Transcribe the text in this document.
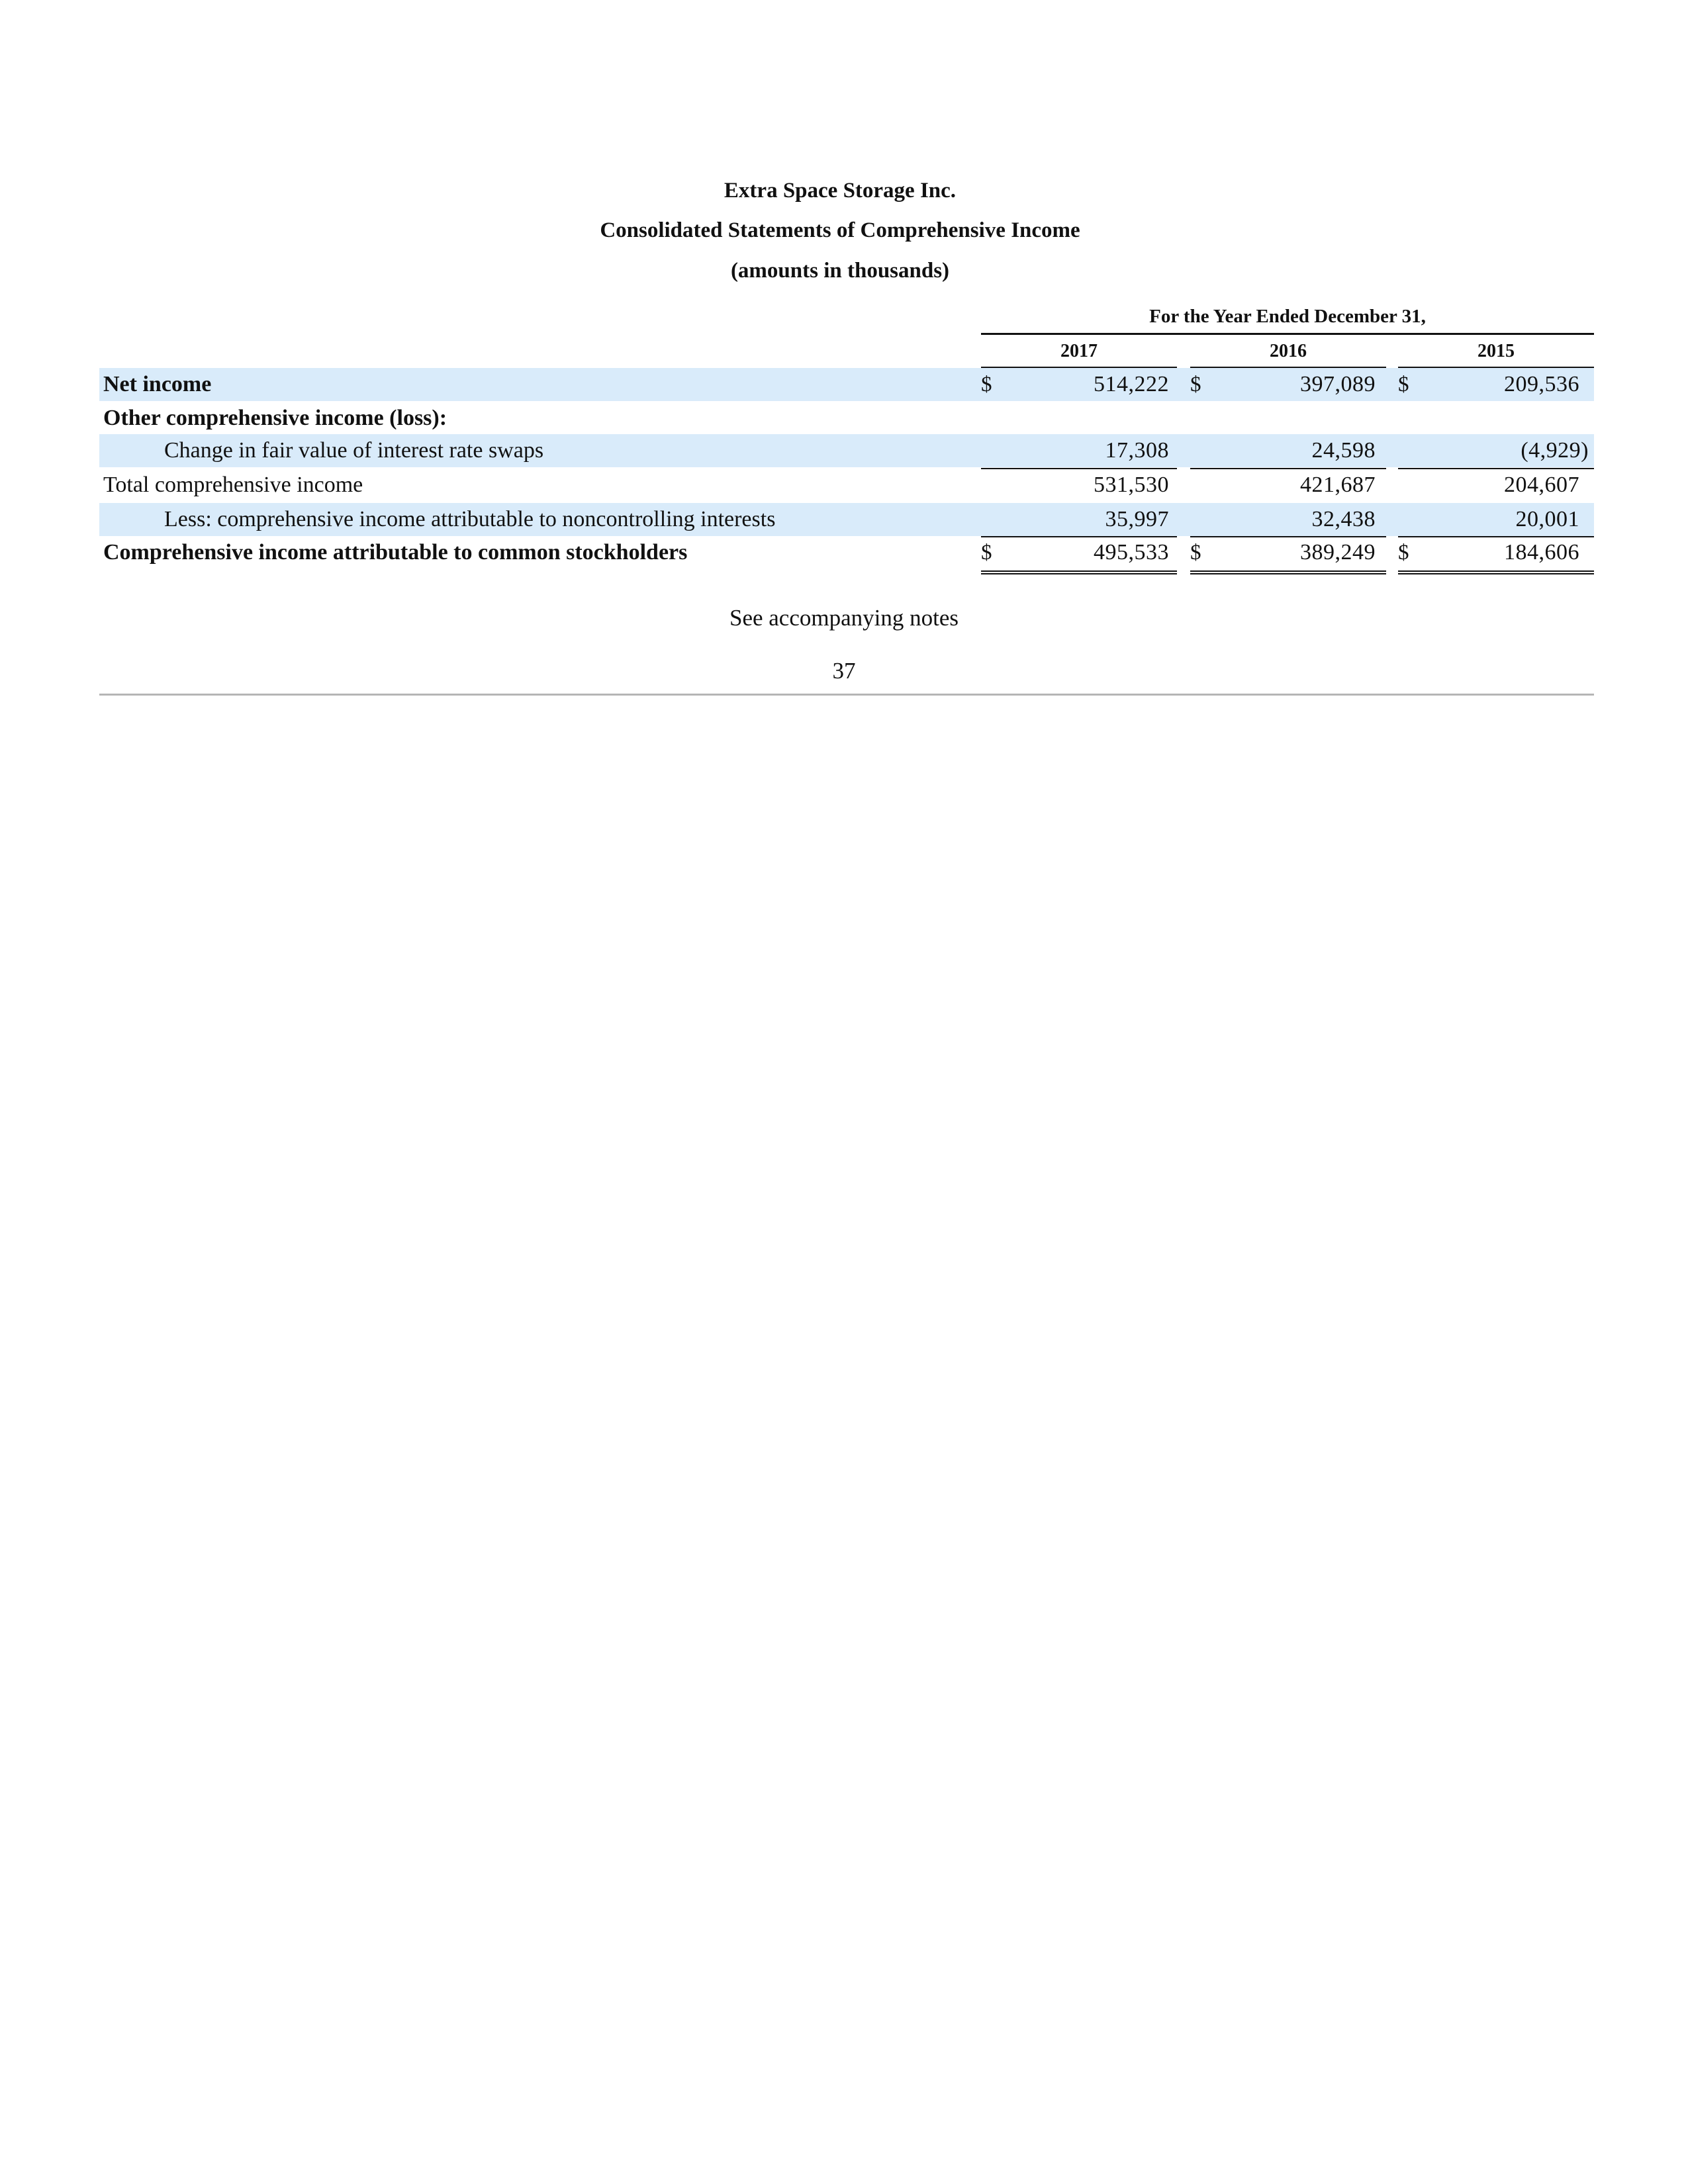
Extra Space Storage Inc.
Consolidated Statements of Comprehensive Income
(amounts in thousands)
For the Year Ended December 31,
2017	2016	2015
Net income	$	514,222 $	397,089 $	209,536
Other comprehensive income (loss):
Change in fair value of interest rate swaps	17,308	24,598	(4,929)
Total comprehensive income	531,530	421,687	204,607
Less: comprehensive income attributable to noncontrolling interests	35,997	32,438	20,001
Comprehensive income attributable to common stockholders	$	495,533 $	389,249 $	184,606
See accompanying notes
37
